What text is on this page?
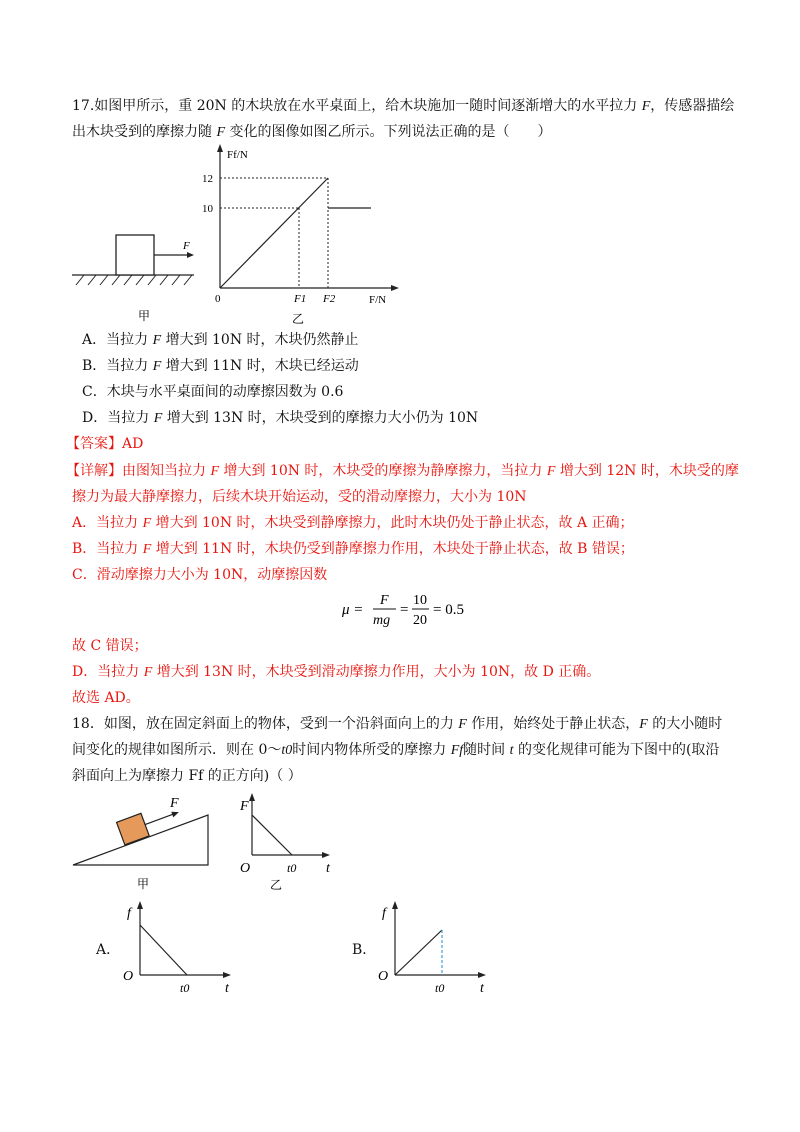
17.如图甲所示，重 20N 的木块放在水平桌面上，给木块施加一随时间逐渐增大的水平拉力 F，传感器描绘
出木块受到的摩擦力随 F 变化的图像如图乙所示。下列说法正确的是（　　）
F
甲
Ff/N
F/N
0
12
10
F1 F2
乙
A．当拉力 F 增大到 10N 时，木块仍然静止
B．当拉力 F 增大到 11N 时，木块已经运动
C．木块与水平桌面间的动摩擦因数为 0.6
D．当拉力 F 增大到 13N 时，木块受到的摩擦力大小仍为 10N
【答案】AD
【详解】由图知当拉力 F 增大到 10N 时，木块受的摩擦为静摩擦力，当拉力 F 增大到 12N 时，木块受的摩
擦力为最大静摩擦力，后续木块开始运动，受的滑动摩擦力，大小为 10N
A．当拉力 F 增大到 10N 时，木块受到静摩擦力，此时木块仍处于静止状态，故 A 正确；
B．当拉力 F 增大到 11N 时，木块仍受到静摩擦力作用，木块处于静止状态，故 B 错误；
C．滑动摩擦力大小为 10N，动摩擦因数
μ =
F
mg
=
10
20
= 0.5
故 C 错误；
D．当拉力 F 增大到 13N 时，木块受到滑动摩擦力作用，大小为 10N，故 D 正确。
故选 AD。
18．如图，放在固定斜面上的物体，受到一个沿斜面向上的力 F 作用，始终处于静止状态，F 的大小随时
间变化的规律如图所示．则在 0～t0时间内物体所受的摩擦力 Ff随时间 t 的变化规律可能为下图中的(取沿
斜面向上为摩擦力 Ff 的正方向)（ ）
F
甲
F
t
O	t0
乙
A．
f
t
O
t0
B．
f
t
O
t0
